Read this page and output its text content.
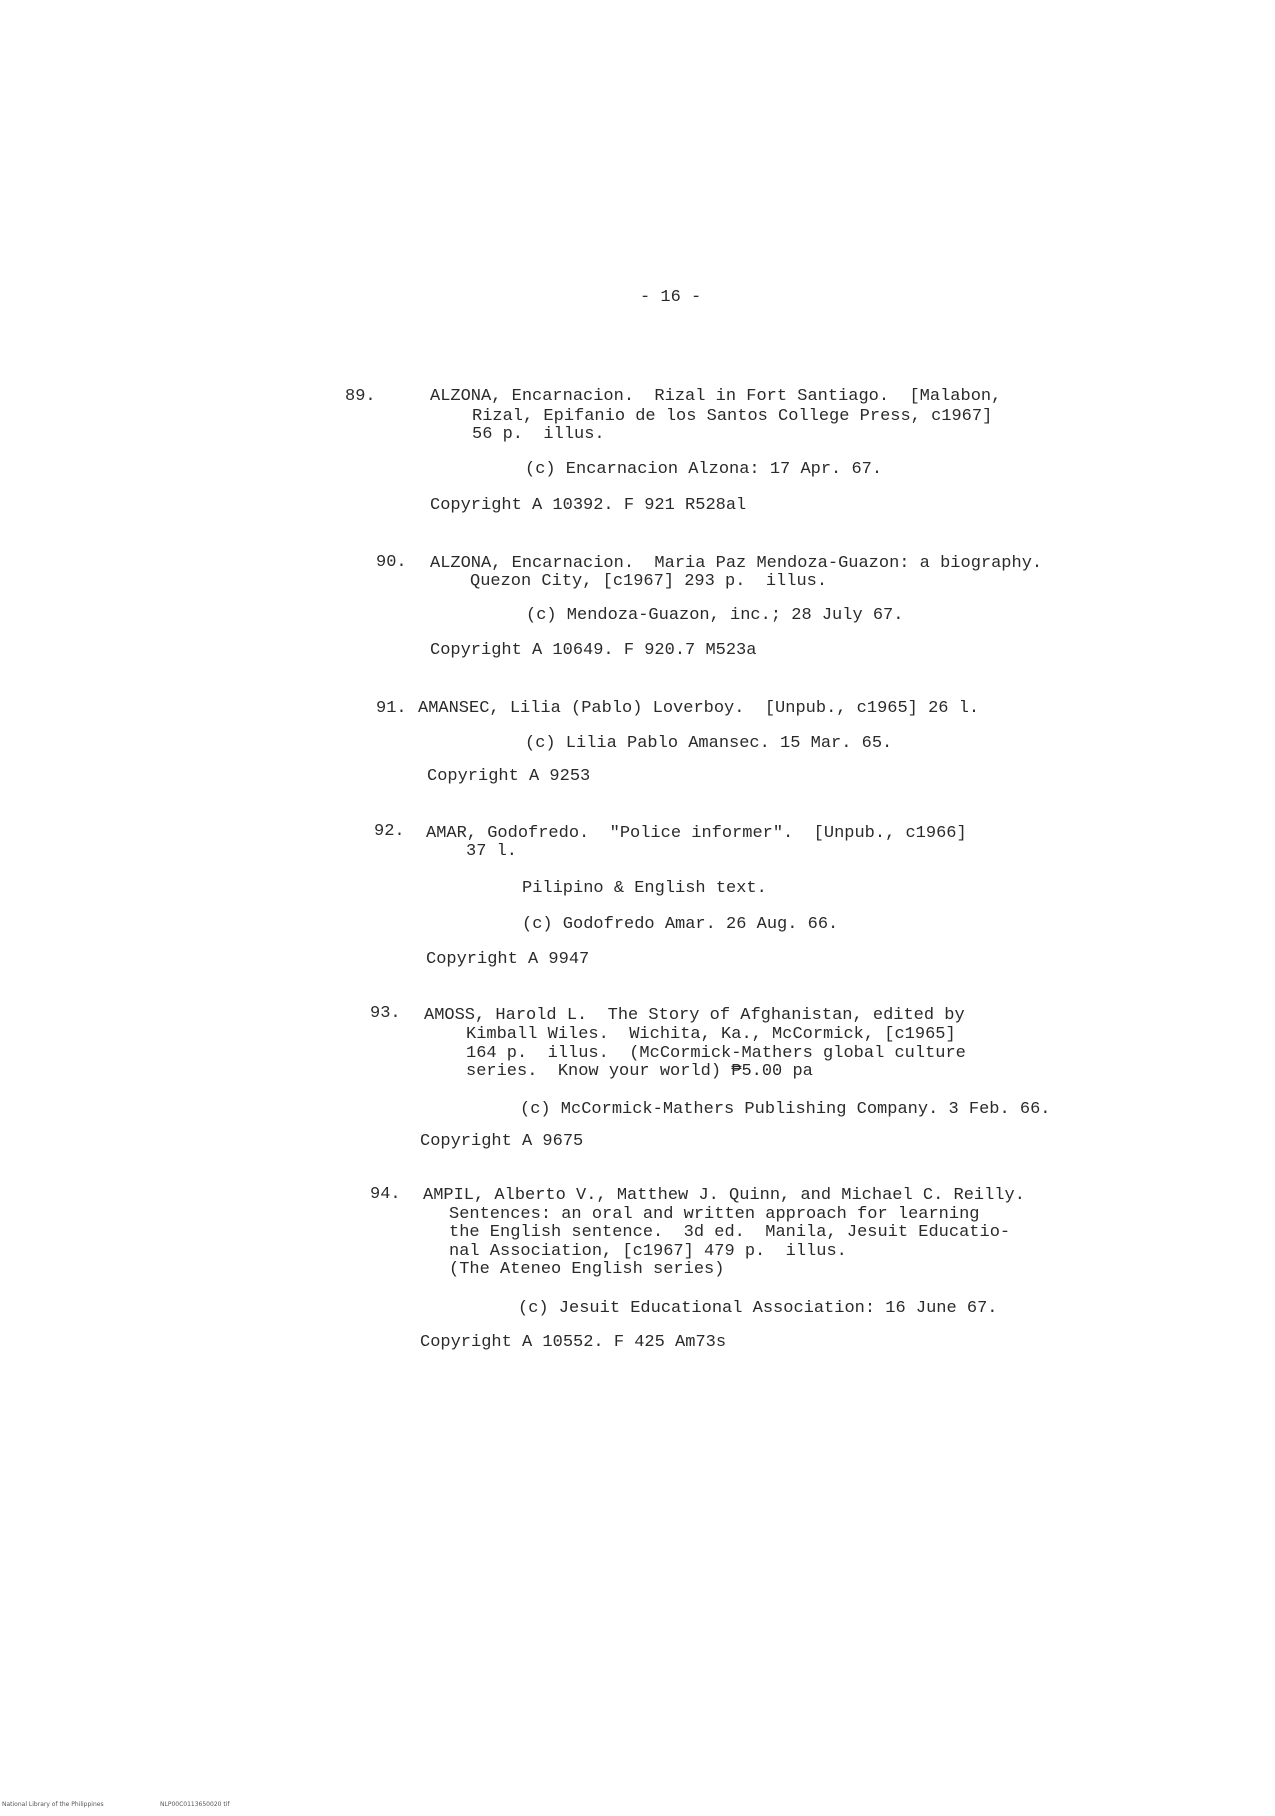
- 16 -
89.	ALZONA, Encarnacion.  Rizal in Fort Santiago.  [Malabon,
Rizal, Epifanio de los Santos College Press, c1967]
56 p.  illus.
(c) Encarnacion Alzona: 17 Apr. 67.
Copyright A 10392. F 921 R528al
90. ALZONA, Encarnacion.  Maria Paz Mendoza-Guazon: a biography.
Quezon City, [c1967] 293 p.  illus.
(c) Mendoza-Guazon, inc.; 28 July 67.
Copyright A 10649. F 920.7 M523a
91. AMANSEC, Lilia (Pablo) Loverboy.  [Unpub., c1965] 26 l.
(c) Lilia Pablo Amansec. 15 Mar. 65.
Copyright A 9253
92. AMAR, Godofredo.  "Police informer".  [Unpub., c1966]
37 l.
Pilipino & English text.
(c) Godofredo Amar. 26 Aug. 66.
Copyright A 9947
93. AMOSS, Harold L.  The Story of Afghanistan, edited by
Kimball Wiles.  Wichita, Ka., McCormick, [c1965]
164 p.  illus.  (McCormick-Mathers global culture
series.  Know your world) ₱5.00 pa
(c) McCormick-Mathers Publishing Company. 3 Feb. 66.
Copyright A 9675
94. AMPIL, Alberto V., Matthew J. Quinn, and Michael C. Reilly.
Sentences: an oral and written approach for learning
the English sentence.  3d ed.  Manila, Jesuit Educatio-
nal Association, [c1967] 479 p.  illus.
(The Ateneo English series)
(c) Jesuit Educational Association: 16 June 67.
Copyright A 10552. F 425 Am73s
National Library of the Philippines	NLP00C0113650020 tif
